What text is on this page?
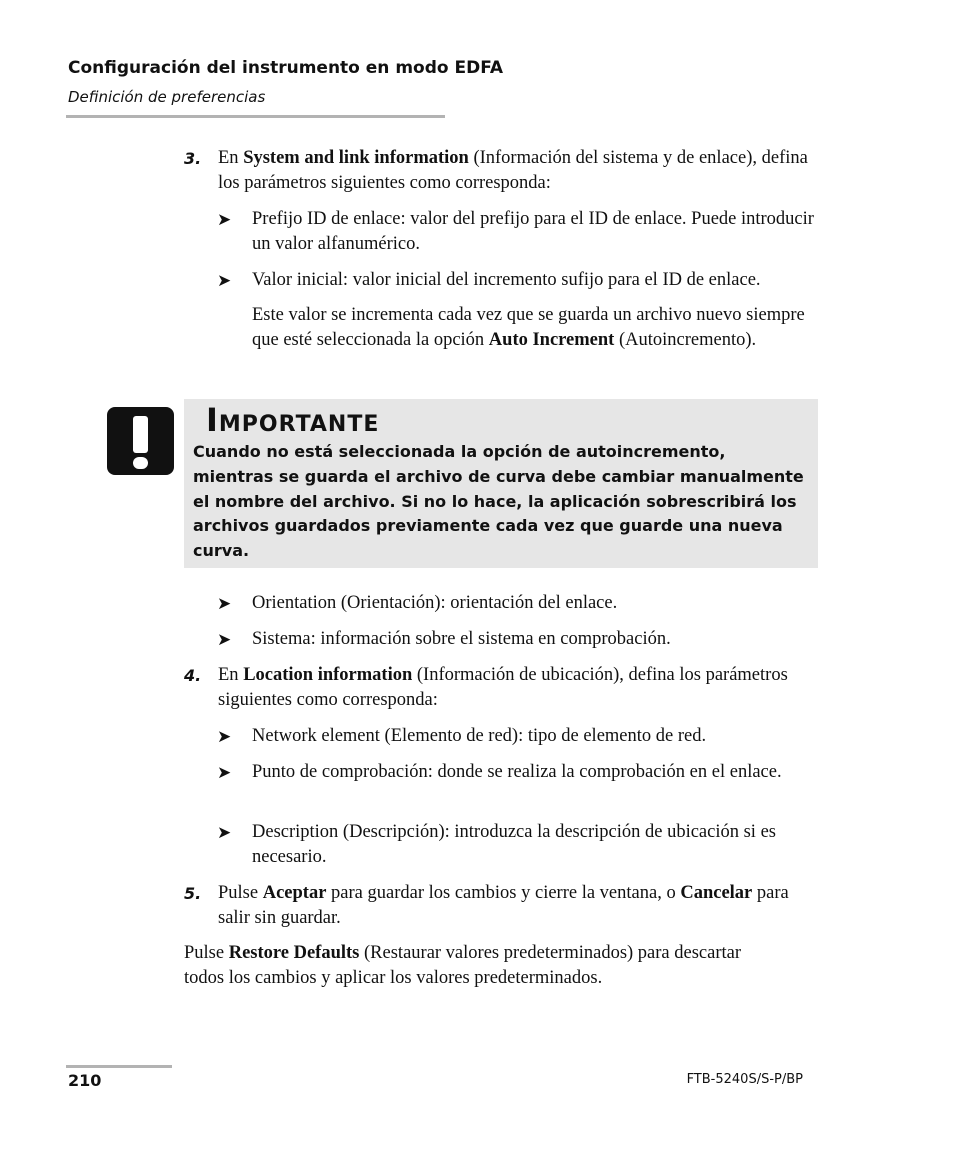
Configuración del instrumento en modo EDFA
Definición de preferencias
3. En System and link information (Información del sistema y de enlace), defina los parámetros siguientes como corresponda:
➤ Prefijo ID de enlace: valor del prefijo para el ID de enlace. Puede introducir un valor alfanumérico.
➤ Valor inicial: valor inicial del incremento sufijo para el ID de enlace.
Este valor se incrementa cada vez que se guarda un archivo nuevo siempre que esté seleccionada la opción Auto Increment (Autoincremento).
Importante
Cuando no está seleccionada la opción de autoincremento, mientras se guarda el archivo de curva debe cambiar manualmente el nombre del archivo. Si no lo hace, la aplicación sobrescribirá los archivos guardados previamente cada vez que guarde una nueva curva.
➤ Orientation (Orientación): orientación del enlace.
➤ Sistema: información sobre el sistema en comprobación.
4. En Location information (Información de ubicación), defina los parámetros siguientes como corresponda:
➤ Network element (Elemento de red): tipo de elemento de red.
➤ Punto de comprobación: donde se realiza la comprobación en el enlace.
➤ Description (Descripción): introduzca la descripción de ubicación si es necesario.
5. Pulse Aceptar para guardar los cambios y cierre la ventana, o Cancelar para salir sin guardar.
Pulse Restore Defaults (Restaurar valores predeterminados) para descartar todos los cambios y aplicar los valores predeterminados.
210	FTB-5240S/S-P/BP
